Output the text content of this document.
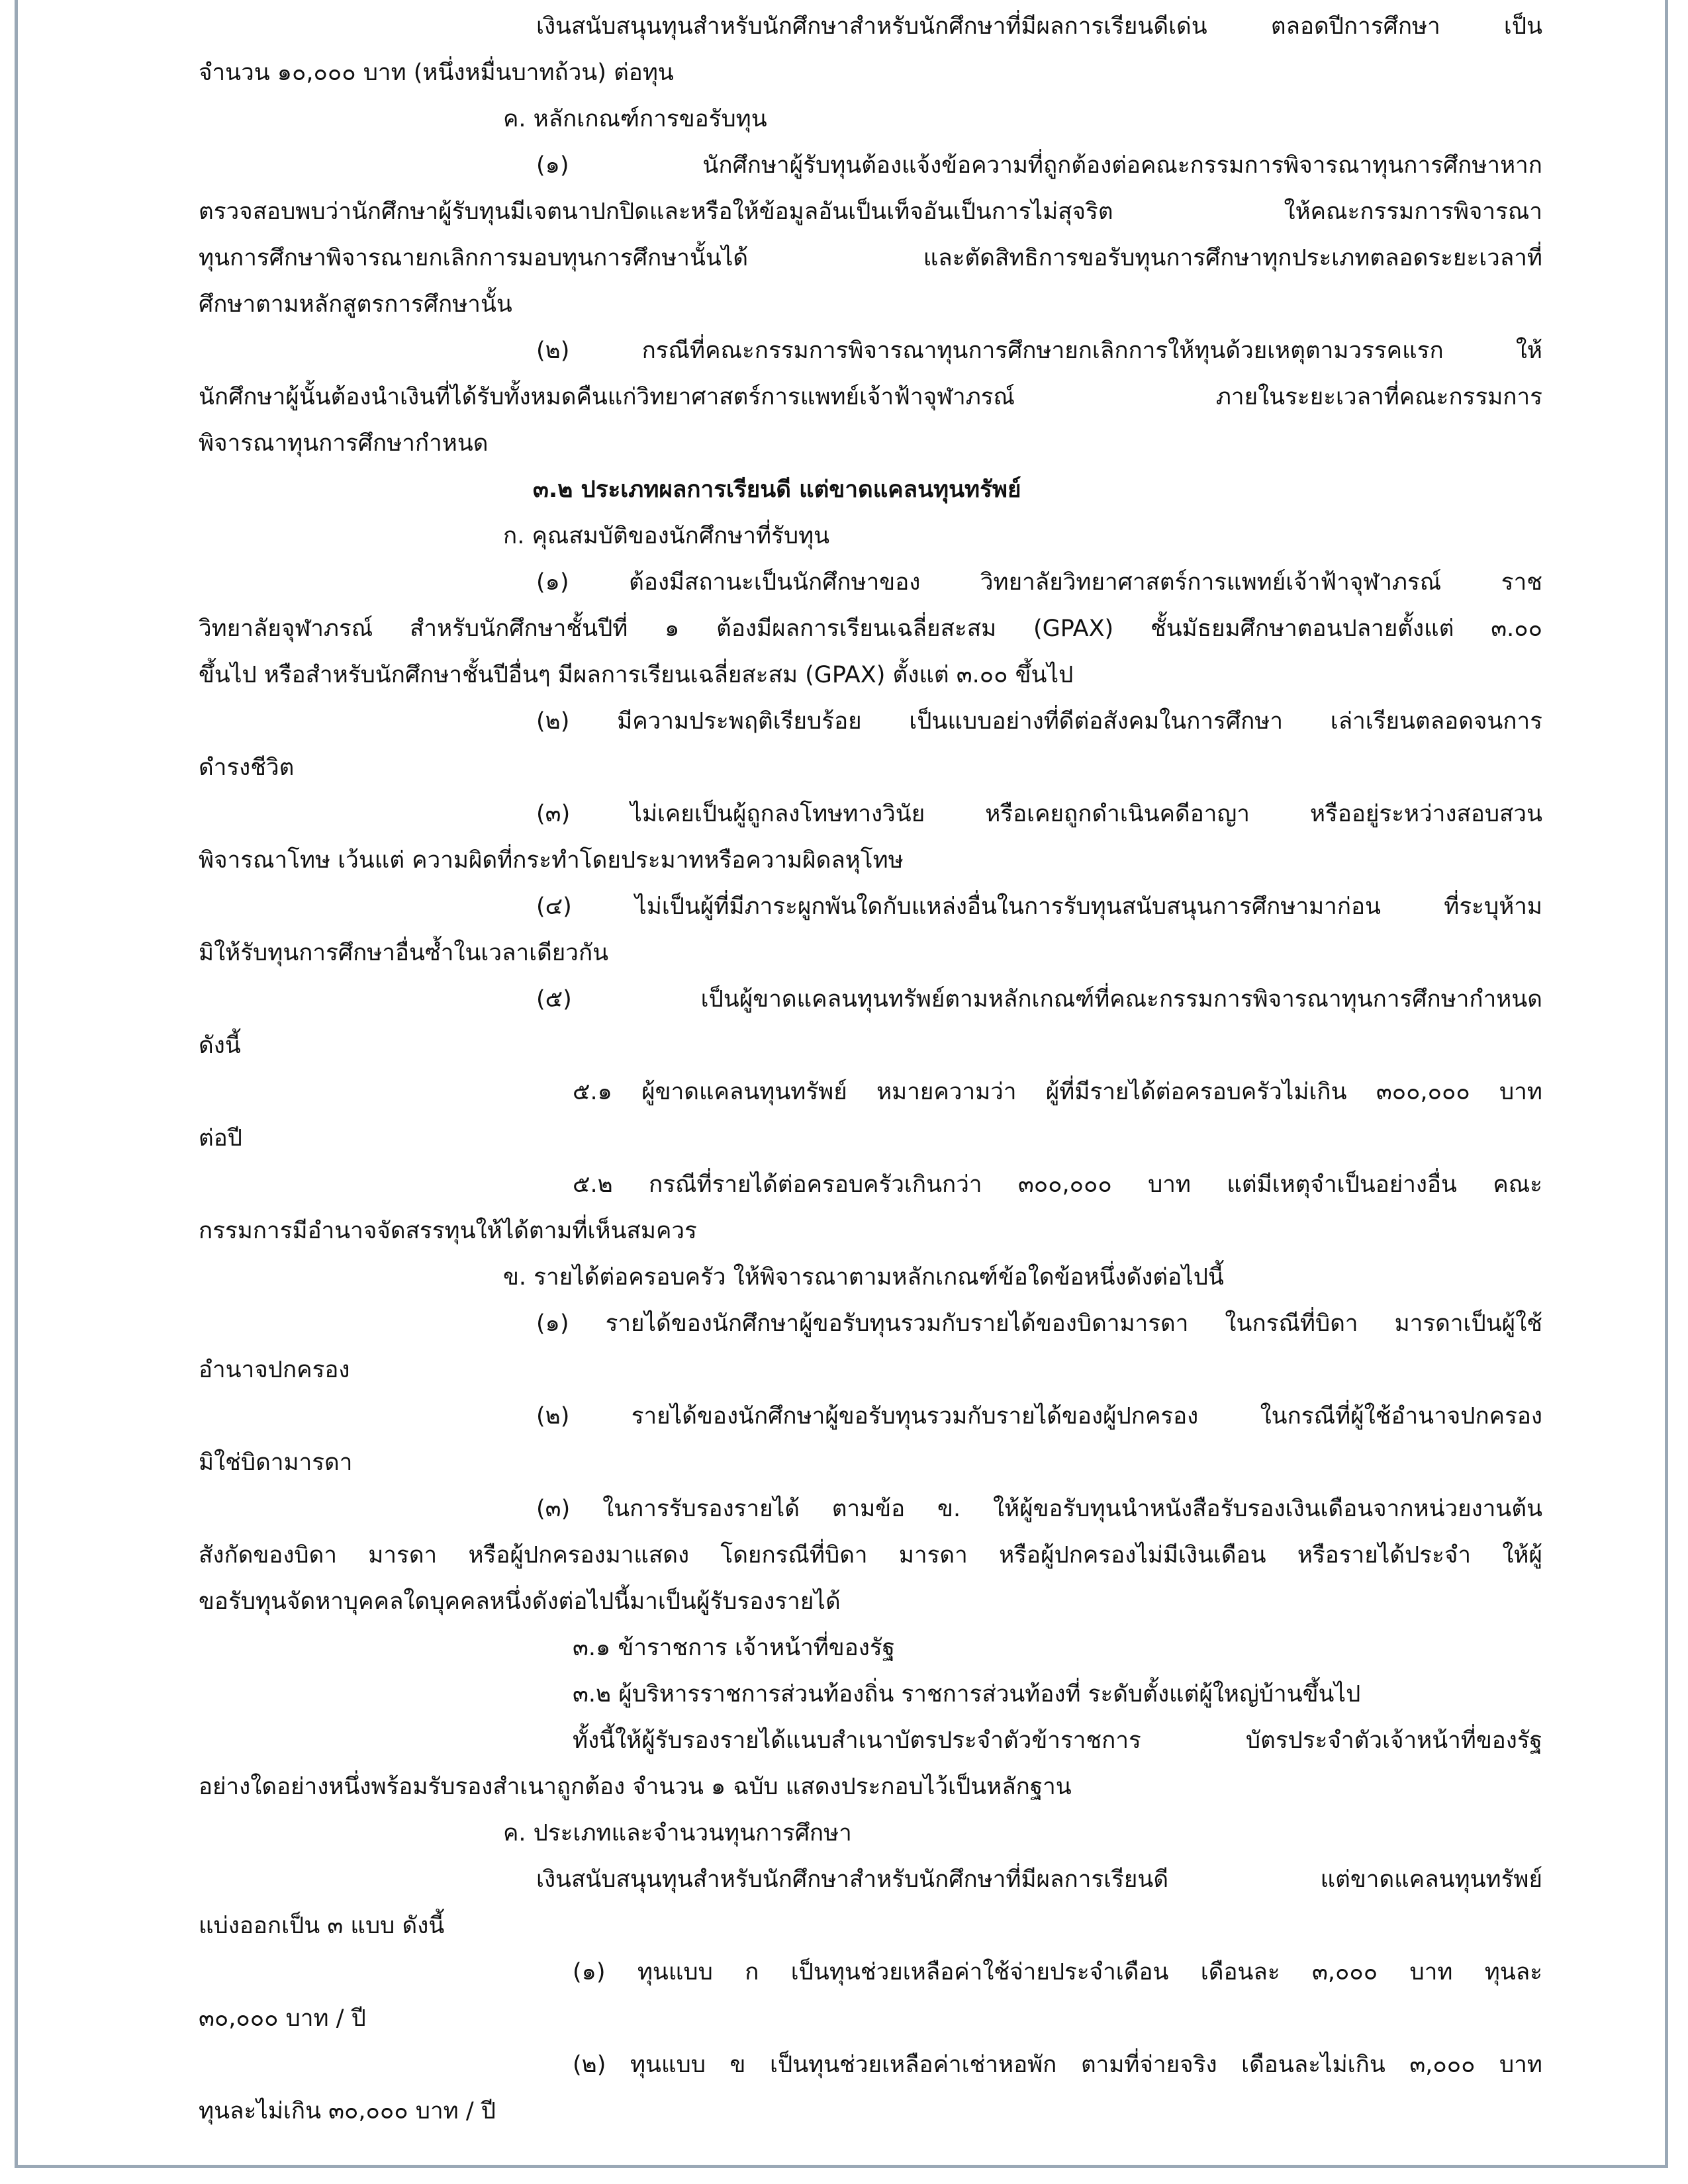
เงินสนับสนุนทุนสำหรับนักศึกษาสำหรับนักศึกษาที่มีผลการเรียนดีเด่น ตลอดปีการศึกษา เป็น
จำนวน ๑๐,๐๐๐ บาท (หนึ่งหมื่นบาทถ้วน) ต่อทุน
ค. หลักเกณฑ์การขอรับทุน
(๑) นักศึกษาผู้รับทุนต้องแจ้งข้อความที่ถูกต้องต่อคณะกรรมการพิจารณาทุนการศึกษาหาก
ตรวจสอบพบว่านักศึกษาผู้รับทุนมีเจตนาปกปิดและหรือให้ข้อมูลอันเป็นเท็จอันเป็นการไม่สุจริต ให้คณะกรรมการพิจารณา
ทุนการศึกษาพิจารณายกเลิกการมอบทุนการศึกษานั้นได้ และตัดสิทธิการขอรับทุนการศึกษาทุกประเภทตลอดระยะเวลาที่
ศึกษาตามหลักสูตรการศึกษานั้น
(๒) กรณีที่คณะกรรมการพิจารณาทุนการศึกษายกเลิกการให้ทุนด้วยเหตุตามวรรคแรก ให้
นักศึกษาผู้นั้นต้องนำเงินที่ได้รับทั้งหมดคืนแก่วิทยาศาสตร์การแพทย์เจ้าฟ้าจุฬาภรณ์ ภายในระยะเวลาที่คณะกรรมการ
พิจารณาทุนการศึกษากำหนด
๓.๒ ประเภทผลการเรียนดี แต่ขาดแคลนทุนทรัพย์
ก. คุณสมบัติของนักศึกษาที่รับทุน
(๑) ต้องมีสถานะเป็นนักศึกษาของ วิทยาลัยวิทยาศาสตร์การแพทย์เจ้าฟ้าจุฬาภรณ์ ราช
วิทยาลัยจุฬาภรณ์ สำหรับนักศึกษาชั้นปีที่ ๑ ต้องมีผลการเรียนเฉลี่ยสะสม (GPAX) ชั้นมัธยมศึกษาตอนปลายตั้งแต่ ๓.๐๐
ขึ้นไป หรือสำหรับนักศึกษาชั้นปีอื่นๆ มีผลการเรียนเฉลี่ยสะสม (GPAX) ตั้งแต่ ๓.๐๐ ขึ้นไป
(๒) มีความประพฤติเรียบร้อย เป็นแบบอย่างที่ดีต่อสังคมในการศึกษา เล่าเรียนตลอดจนการ
ดำรงชีวิต
(๓) ไม่เคยเป็นผู้ถูกลงโทษทางวินัย หรือเคยถูกดำเนินคดีอาญา หรืออยู่ระหว่างสอบสวน
พิจารณาโทษ เว้นแต่ ความผิดที่กระทำโดยประมาทหรือความผิดลหุโทษ
(๔) ไม่เป็นผู้ที่มีภาระผูกพันใดกับแหล่งอื่นในการรับทุนสนับสนุนการศึกษามาก่อน ที่ระบุห้าม
มิให้รับทุนการศึกษาอื่นซ้ำในเวลาเดียวกัน
(๕) เป็นผู้ขาดแคลนทุนทรัพย์ตามหลักเกณฑ์ที่คณะกรรมการพิจารณาทุนการศึกษากำหนด
ดังนี้
๕.๑ ผู้ขาดแคลนทุนทรัพย์ หมายความว่า ผู้ที่มีรายได้ต่อครอบครัวไม่เกิน ๓๐๐,๐๐๐ บาท
ต่อปี
๕.๒ กรณีที่รายได้ต่อครอบครัวเกินกว่า ๓๐๐,๐๐๐ บาท แต่มีเหตุจำเป็นอย่างอื่น คณะ
กรรมการมีอำนาจจัดสรรทุนให้ได้ตามที่เห็นสมควร
ข. รายได้ต่อครอบครัว ให้พิจารณาตามหลักเกณฑ์ข้อใดข้อหนึ่งดังต่อไปนี้
(๑) รายได้ของนักศึกษาผู้ขอรับทุนรวมกับรายได้ของบิดามารดา ในกรณีที่บิดา มารดาเป็นผู้ใช้
อำนาจปกครอง
(๒) รายได้ของนักศึกษาผู้ขอรับทุนรวมกับรายได้ของผู้ปกครอง ในกรณีที่ผู้ใช้อำนาจปกครอง
มิใช่บิดามารดา
(๓) ในการรับรองรายได้ ตามข้อ ข. ให้ผู้ขอรับทุนนำหนังสือรับรองเงินเดือนจากหน่วยงานต้น
สังกัดของบิดา มารดา หรือผู้ปกครองมาแสดง โดยกรณีที่บิดา มารดา หรือผู้ปกครองไม่มีเงินเดือน หรือรายได้ประจำ ให้ผู้
ขอรับทุนจัดหาบุคคลใดบุคคลหนึ่งดังต่อไปนี้มาเป็นผู้รับรองรายได้
๓.๑ ข้าราชการ เจ้าหน้าที่ของรัฐ
๓.๒ ผู้บริหารราชการส่วนท้องถิ่น ราชการส่วนท้องที่ ระดับตั้งแต่ผู้ใหญ่บ้านขึ้นไป
ทั้งนี้ให้ผู้รับรองรายได้แนบสำเนาบัตรประจำตัวข้าราชการ บัตรประจำตัวเจ้าหน้าที่ของรัฐ
อย่างใดอย่างหนึ่งพร้อมรับรองสำเนาถูกต้อง จำนวน ๑ ฉบับ แสดงประกอบไว้เป็นหลักฐาน
ค. ประเภทและจำนวนทุนการศึกษา
เงินสนับสนุนทุนสำหรับนักศึกษาสำหรับนักศึกษาที่มีผลการเรียนดี แต่ขาดแคลนทุนทรัพย์
แบ่งออกเป็น ๓ แบบ ดังนี้
(๑) ทุนแบบ ก เป็นทุนช่วยเหลือค่าใช้จ่ายประจำเดือน เดือนละ ๓,๐๐๐ บาท ทุนละ
๓๐,๐๐๐ บาท / ปี
(๒) ทุนแบบ ข เป็นทุนช่วยเหลือค่าเช่าหอพัก ตามที่จ่ายจริง เดือนละไม่เกิน ๓,๐๐๐ บาท
ทุนละไม่เกิน ๓๐,๐๐๐ บาท / ปี
